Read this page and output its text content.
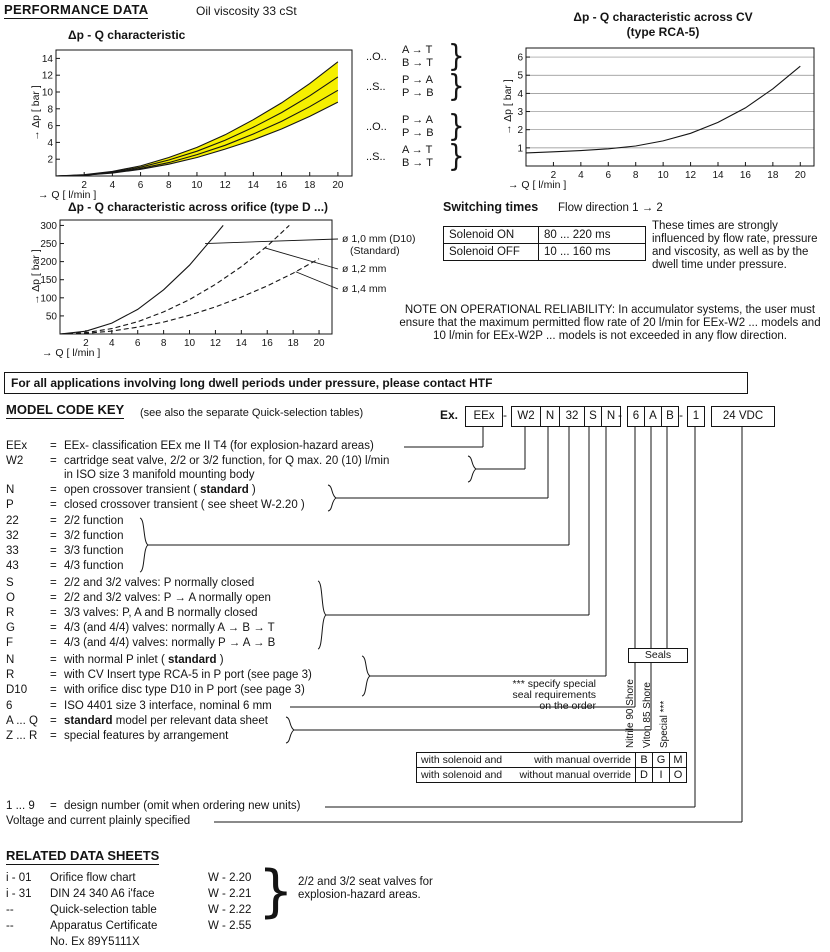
PERFORMANCE DATA	Oil viscosity 33 cSt
Δp - Q characteristic
2 4 6 8 10 12 14 16 18 20
2
4
6
8
10
12
14
→ Q [ l/min ]
→ Δp [ bar ]
..O..
A → T
B → T }
..S..
P → A
P → B }
..O..
P → A
P → B }
..S..
A → T
B → T }
Δp - Q characteristic across CV
(type RCA-5)
2 4 6 8 10 12 14 16 18 20
1
2
3
4
5
6
→ Q [ l/min ]
→ Δp [ bar ]
Δp - Q characteristic across orifice (type D ...)
2 4 6 8 10 12 14 16 18 20
50
100
150
200
250
300
ø 1,0 mm (D10)
(Standard)
ø 1,2 mm
ø 1,4 mm
→ Q [ l/min ]
→ Δp [ bar ]
Switching times Flow direction 1 → 2
Solenoid ON	80 ... 220 ms
Solenoid OFF	10 ... 160 ms
These times are strongly influenced by flow rate, pressure and viscosity, as well as by the dwell time under pressure.
NOTE ON OPERATIONAL RELIABILITY: In accumulator systems, the user must ensure that the maximum permitted flow rate of 20 l/min for EEx-W2 ... models and 10 l/min for EEx-W2P ... models is not exceeded in any flow direction.
For all applications involving long dwell periods under pressure, please contact HTF
MODEL CODE KEY (see also the separate Quick-selection tables)	Ex.	EEx - W2 N 32 S N - 6 A B - 1	24 VDC
EEx	= EEx- classification EEx me II T4 (for explosion-hazard areas)
W2	= cartridge seat valve, 2/2 or 3/2 function, for Q max. 20 (10) l/min
in ISO size 3 manifold mounting body
N	= open crossover transient ( standard )
P	= closed crossover transient ( see sheet W-2.20 )
22	= 2/2 function
32	= 3/2 function
33	= 3/3 function
43	= 4/3 function
S	= 2/2 and 3/2 valves: P normally closed
O	= 2/2 and 3/2 valves: P → A normally open
R	= 3/3 valves: P, A and B normally closed
G	= 4/3 (and 4/4) valves: normally A → B → T
F	= 4/3 (and 4/4) valves: normally P → A → B
N	= with normal P inlet ( standard )
R	= with CV Insert type RCA-5 in P port (see page 3)
D10	= with orifice disc type D10 in P port (see page 3)
6	= ISO 4401 size 3 interface, nominal 6 mm
A ... Q	= standard model per relevant data sheet
Z ... R	= special features by arrangement
1 ... 9	= design number (omit when ordering new units)
Voltage and current plainly specified
Seals
Nitrile 90 Shore Viton 85 Shore Special ***
*** specify special seal requirements on the order
with solenoid and	with manual override B G M
with solenoid and without manual override D	I	O
RELATED DATA SHEETS
i - 01	Orifice flow chart	W - 2.20
i - 31	DIN 24 340 A6 i'face	W - 2.21
--	Quick-selection table	W - 2.22
--	Apparatus Certificate	W - 2.55
No. Ex 89Y5111X
} 2/2 and 3/2 seat valves for explosion-hazard areas.
